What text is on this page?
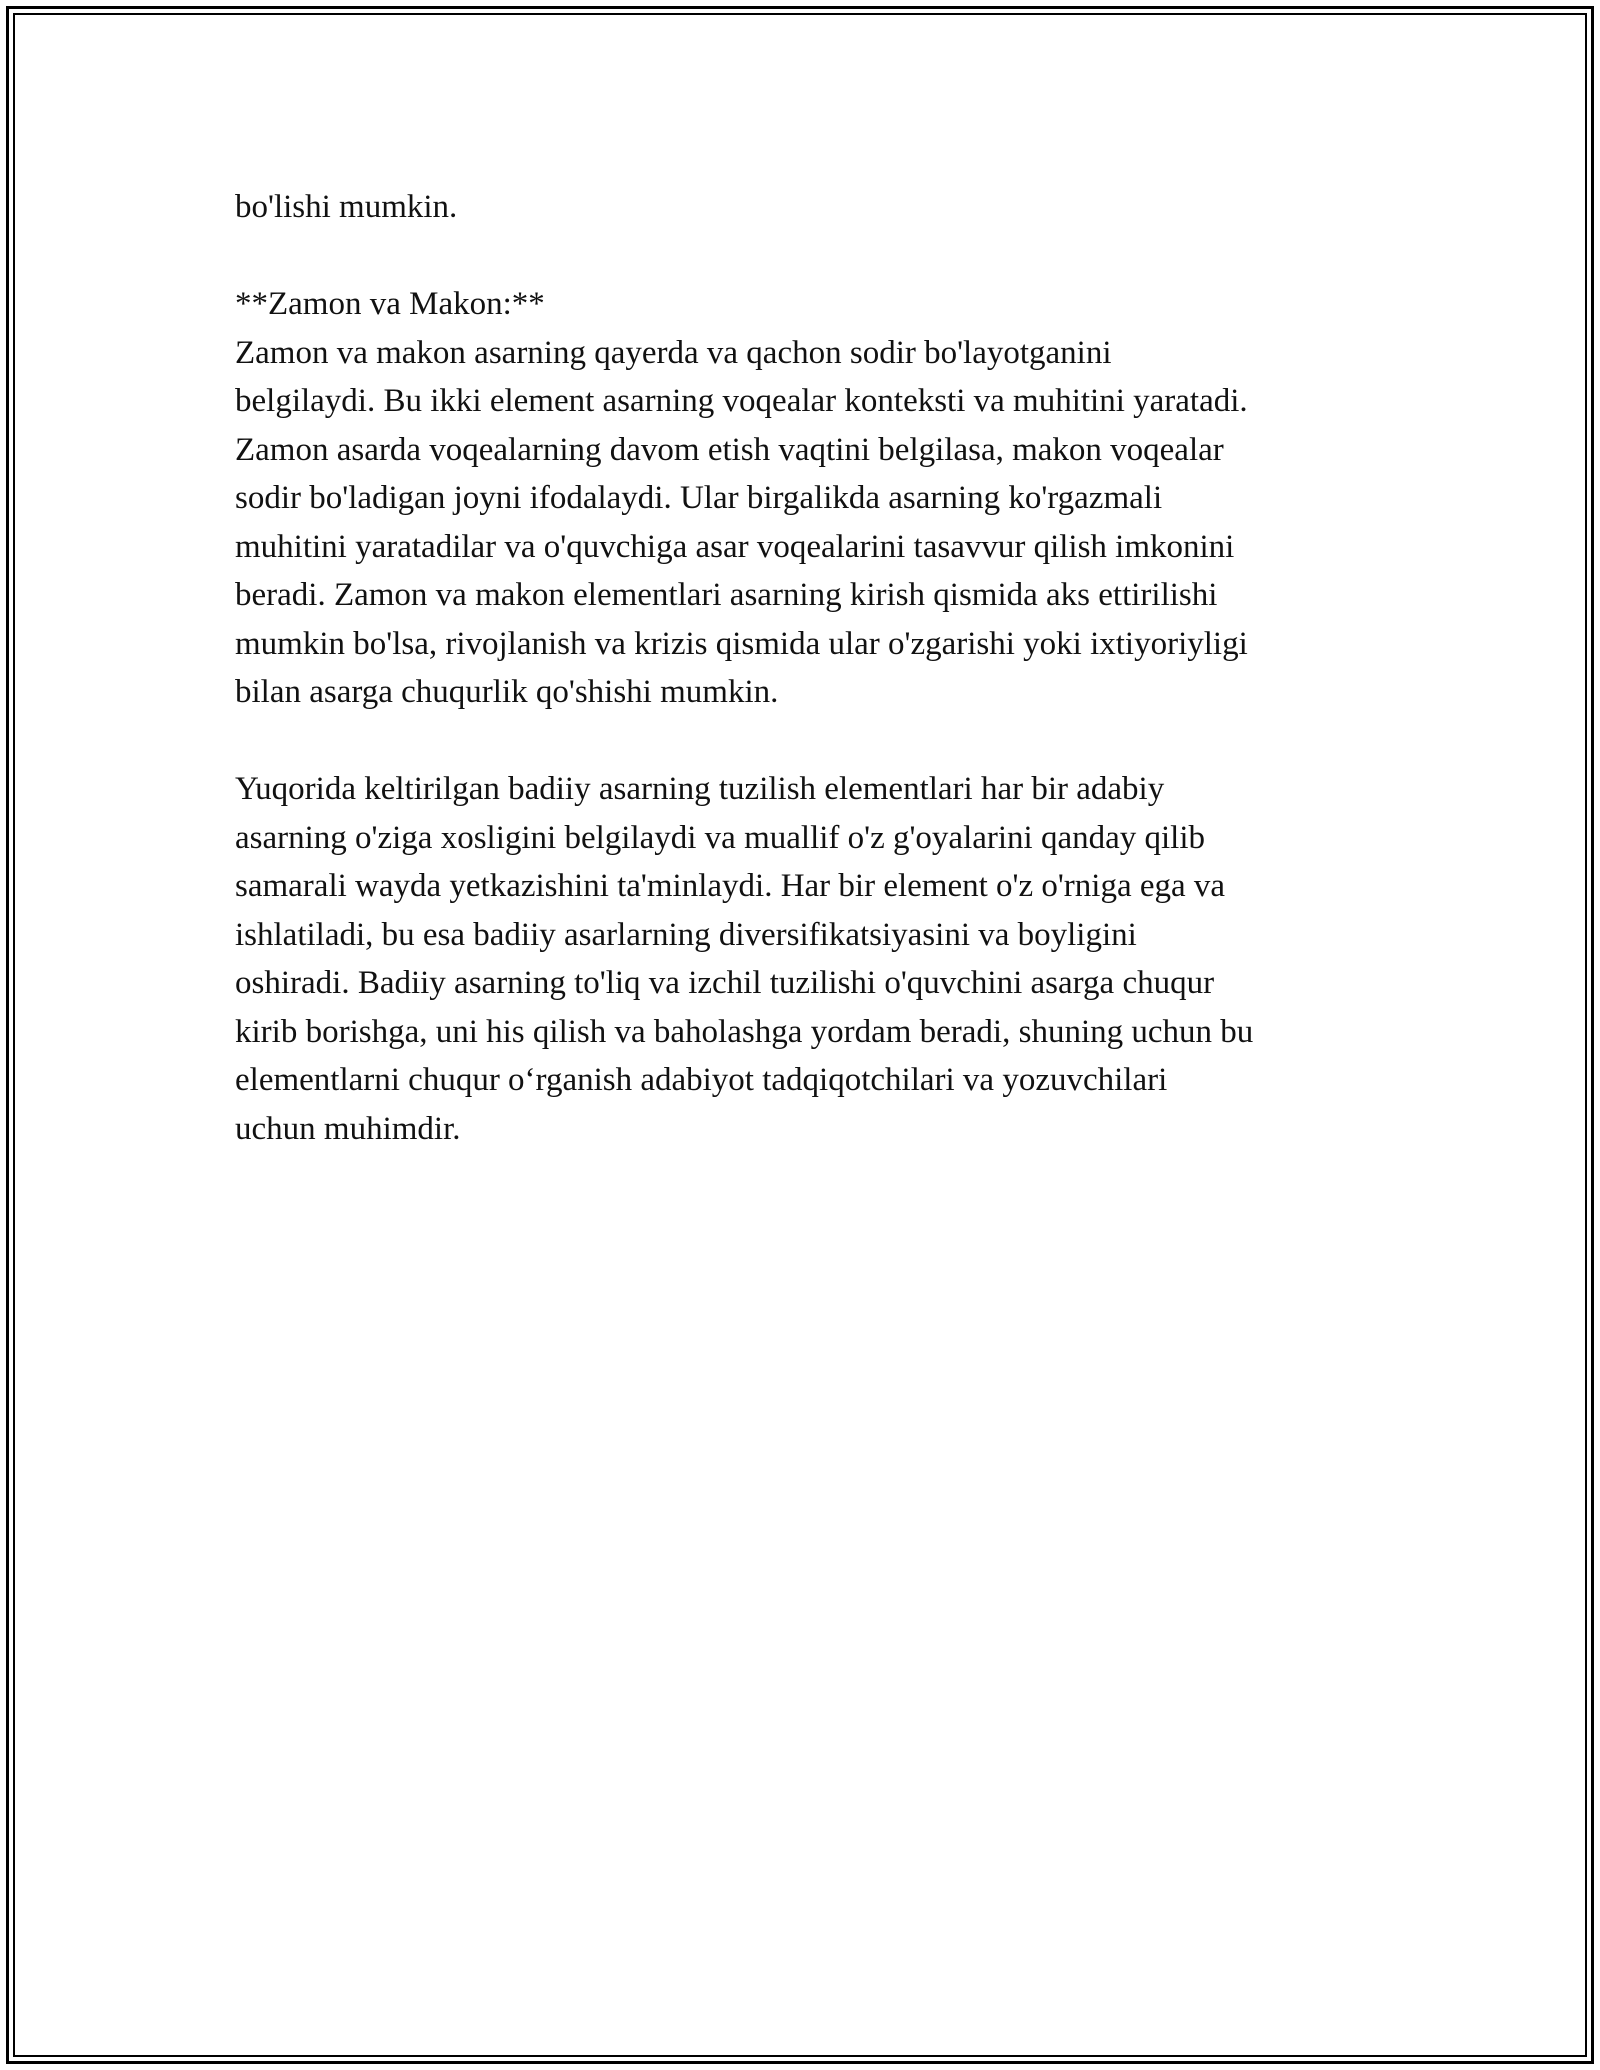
bo'lishi mumkin.
**Zamon va Makon:**
Zamon va makon asarning qayerda va qachon sodir bo'layotganini
belgilaydi. Bu ikki element asarning voqealar konteksti va muhitini yaratadi.
Zamon asarda voqealarning davom etish vaqtini belgilasa, makon voqealar
sodir bo'ladigan joyni ifodalaydi. Ular birgalikda asarning ko'rgazmali
muhitini yaratadilar va o'quvchiga asar voqealarini tasavvur qilish imkonini
beradi. Zamon va makon elementlari asarning kirish qismida aks ettirilishi
mumkin bo'lsa, rivojlanish va krizis qismida ular o'zgarishi yoki ixtiyoriyligi
bilan asarga chuqurlik qo'shishi mumkin.
Yuqorida keltirilgan badiiy asarning tuzilish elementlari har bir adabiy
asarning o'ziga xosligini belgilaydi va muallif o'z g'oyalarini qanday qilib
samarali wayda yetkazishini ta'minlaydi. Har bir element o'z o'rniga ega va
ishlatiladi, bu esa badiiy asarlarning diversifikatsiyasini va boyligini
oshiradi. Badiiy asarning to'liq va izchil tuzilishi o'quvchini asarga chuqur
kirib borishga, uni his qilish va baholashga yordam beradi, shuning uchun bu
elementlarni chuqur o‘rganish adabiyot tadqiqotchilari va yozuvchilari
uchun muhimdir.
